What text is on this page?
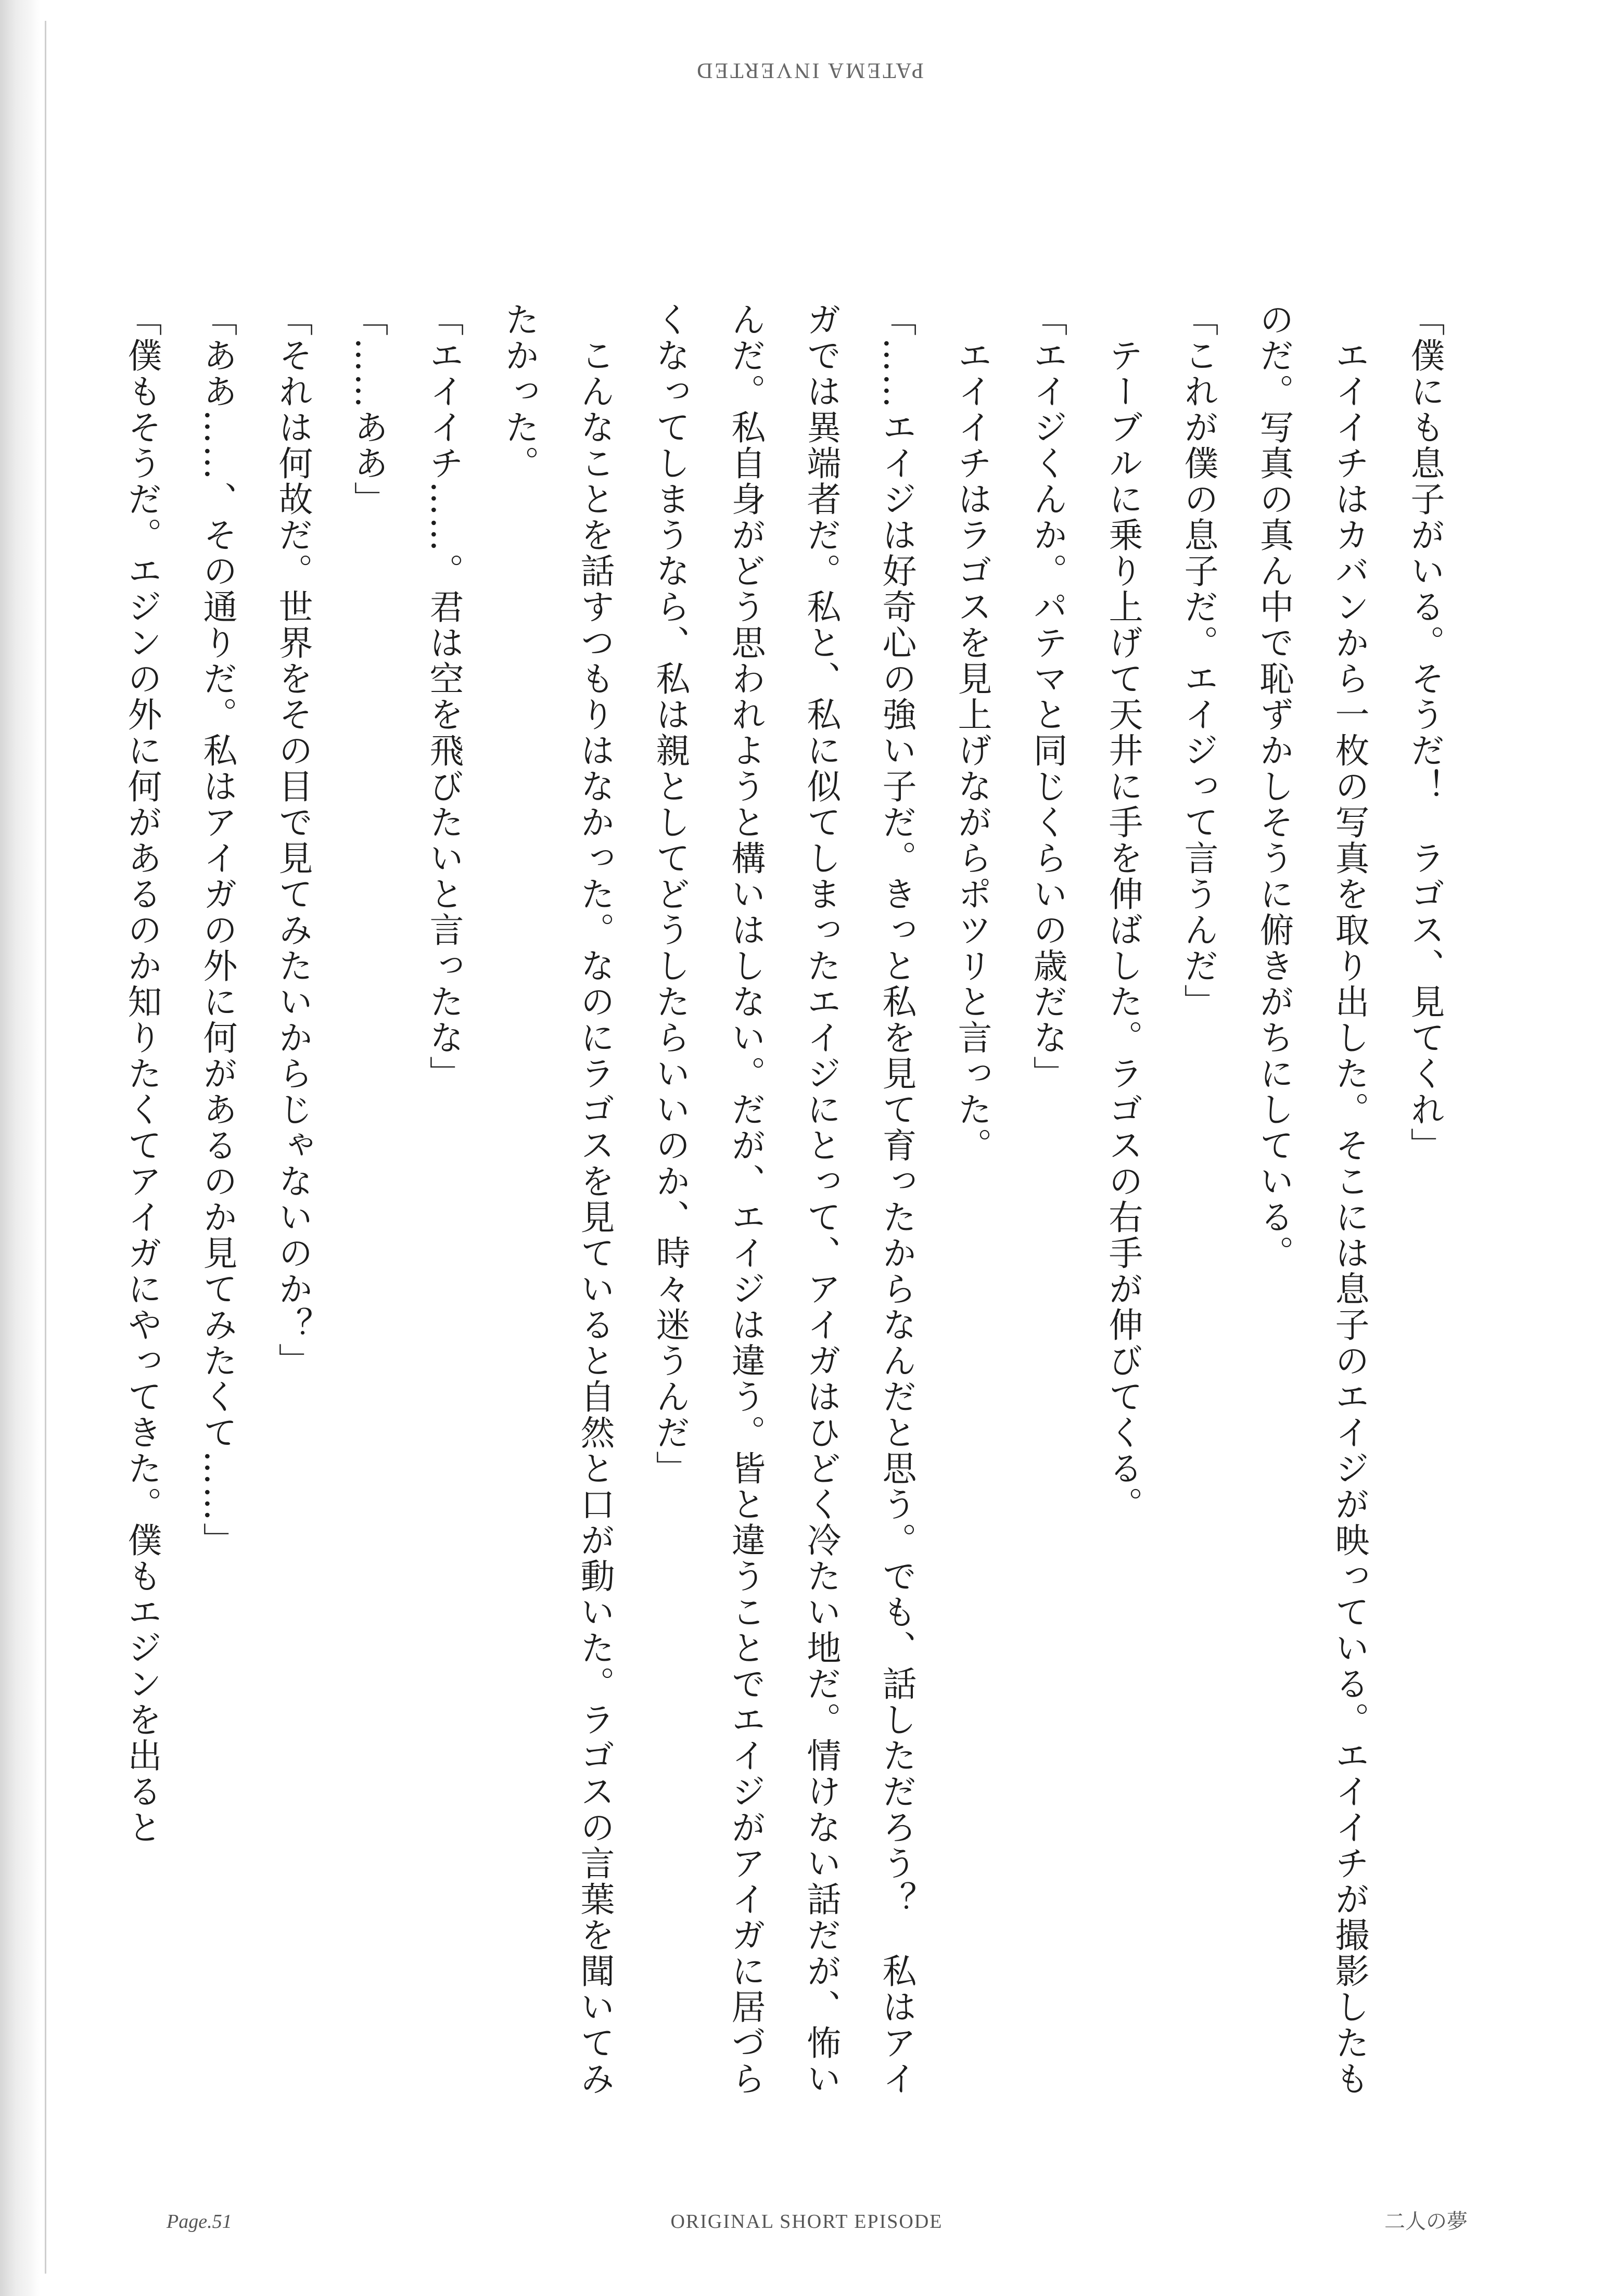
PATEMA INVERTED

「僕にも息子がいる。そうだ！　ラゴス、見てくれ」

　エイイチはカバンから一枚の写真を取り出した。そこには息子のエイジが映っている。エイイチが撮影したものだ。写真の真ん中で恥ずかしそうに俯きがちにしている。

「これが僕の息子だ。エイジって言うんだ」

　テーブルに乗り上げて天井に手を伸ばした。ラゴスの右手が伸びてくる。

「エイジくんか。パテマと同じくらいの歳だな」

　エイイチはラゴスを見上げながらポツリと言った。

「……エイジは好奇心の強い子だ。きっと私を見て育ったからなんだと思う。でも、話しただろう？　私はアイガでは異端者だ。私と、私に似てしまったエイジにとって、アイガはひどく冷たい地だ。情けない話だが、怖いんだ。私自身がどう思われようと構いはしない。だが、エイジは違う。皆と違うことでエイジがアイガに居づらくなってしまうなら、私は親としてどうしたらいいのか、時々迷うんだ」

　こんなことを話すつもりはなかった。なのにラゴスを見ていると自然と口が動いた。ラゴスの言葉を聞いてみたかった。

「エイイチ……。君は空を飛びたいと言ったな」

「……ああ」

「それは何故だ。世界をその目で見てみたいからじゃないのか？」

「ああ……、その通りだ。私はアイガの外に何があるのか見てみたくて……」

「僕もそうだ。エジンの外に何があるのか知りたくてアイガにやってきた。僕もエジンを出ると

Page.51	ORIGINAL SHORT EPISODE	二人の夢
